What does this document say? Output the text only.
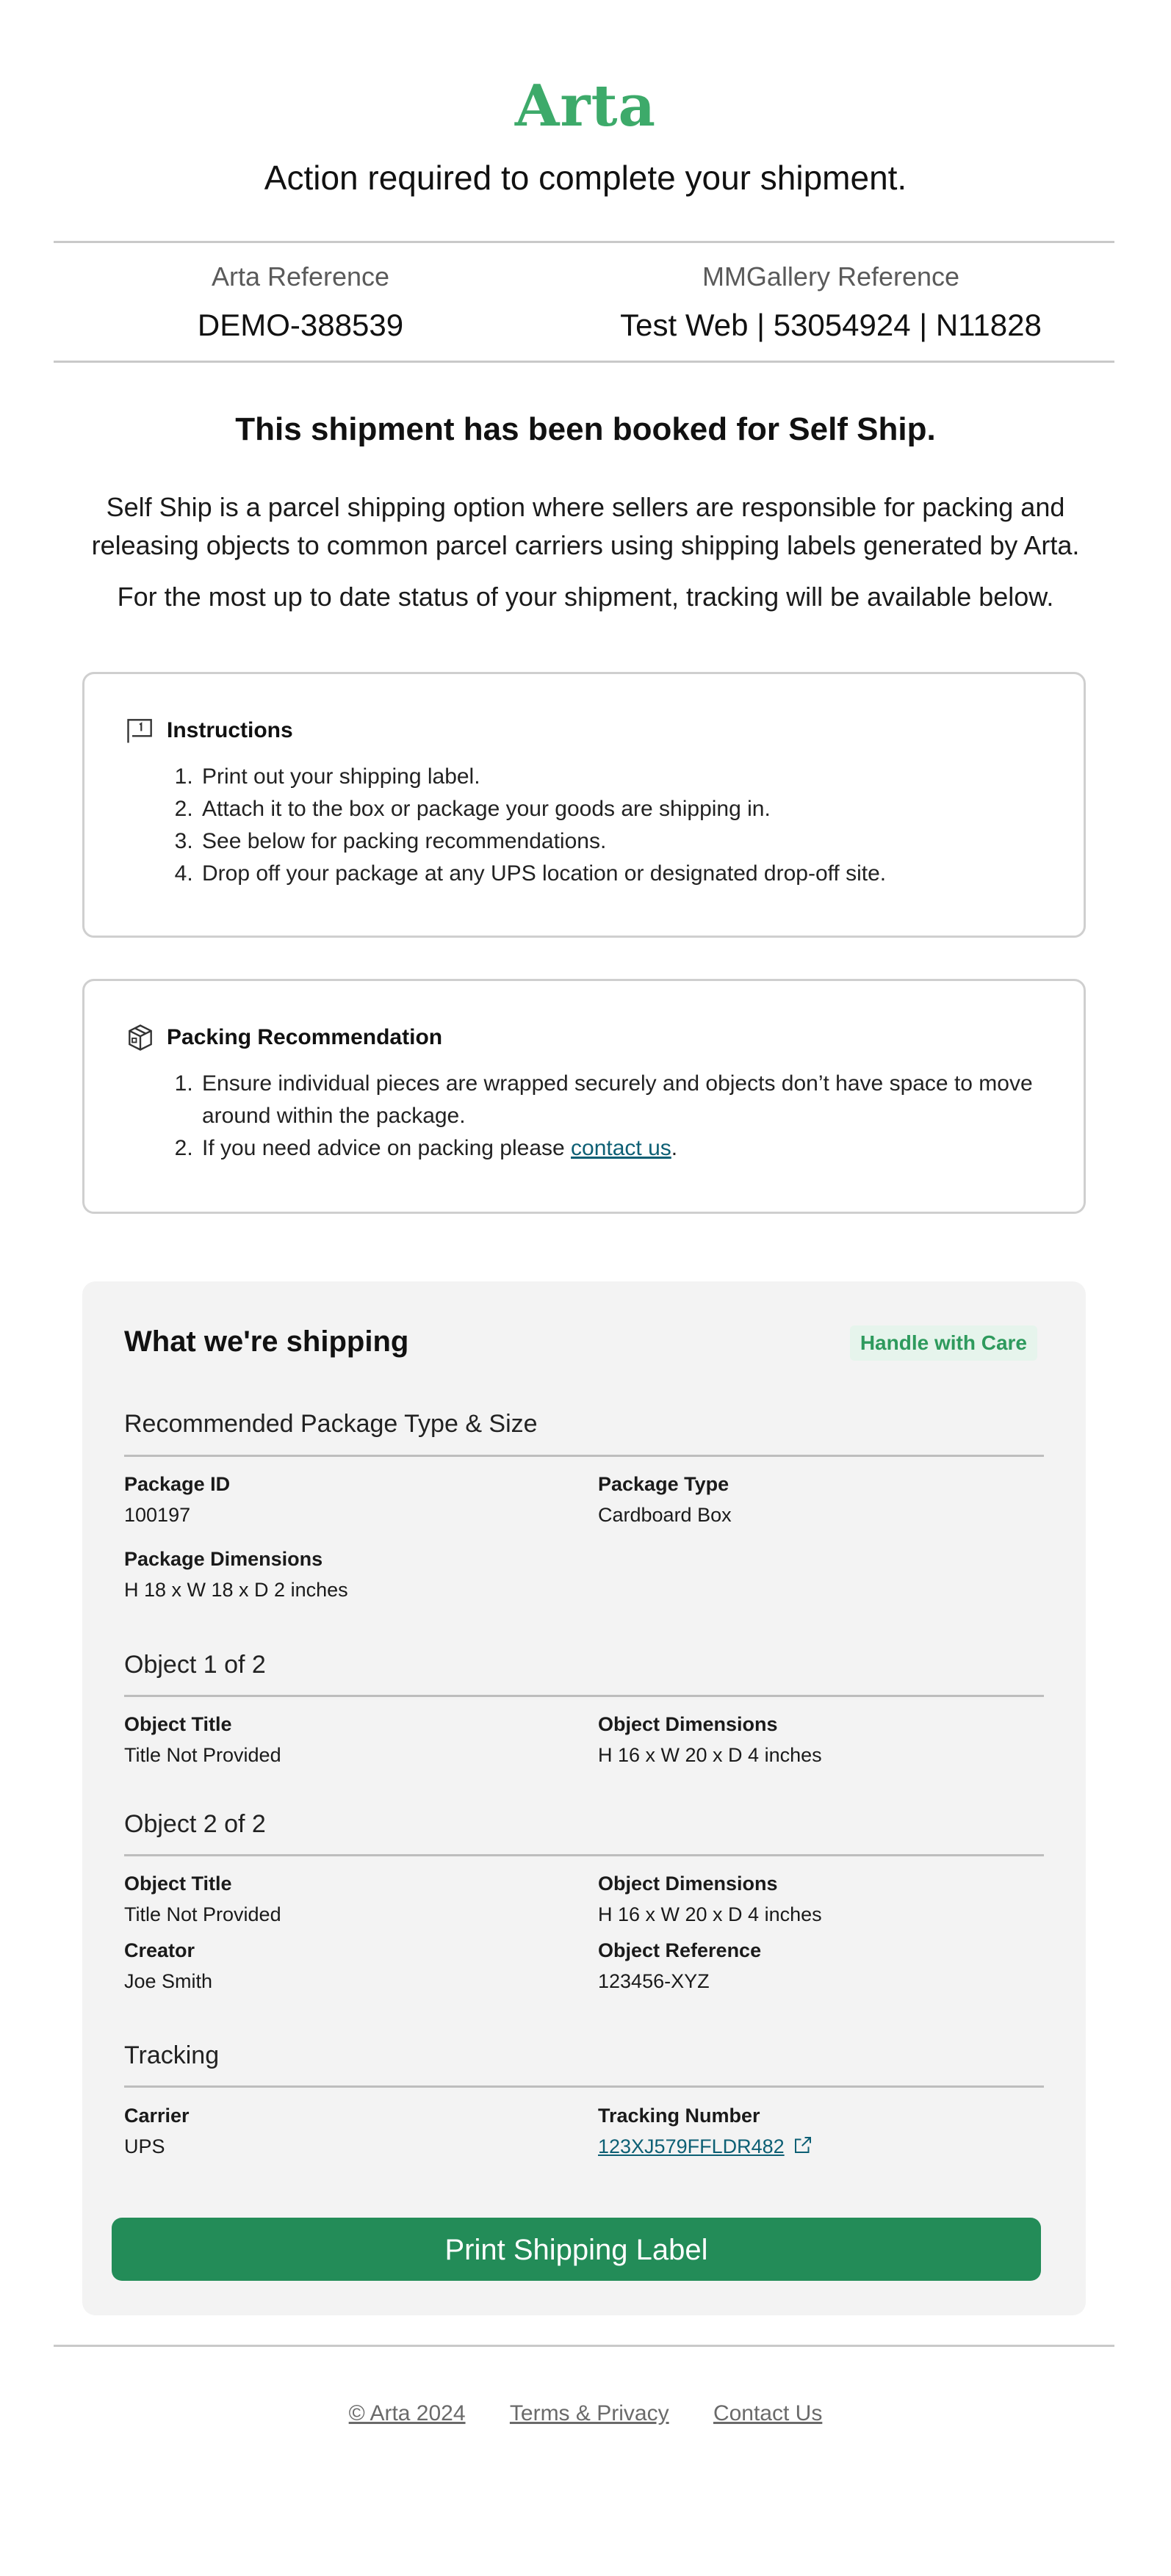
Arta
Action required to complete your shipment.
Arta Reference
DEMO-388539
MMGallery Reference
Test Web | 53054924 | N11828
This shipment has been booked for Self Ship.

Self Ship is a parcel shipping option where sellers are responsible for packing and releasing objects to common parcel carriers using shipping labels generated by Arta.

For the most up to date status of your shipment, tracking will be available below.

Instructions
1. Print out your shipping label.
2. Attach it to the box or package your goods are shipping in.
3. See below for packing recommendations.
4. Drop off your package at any UPS location or designated drop-off site.
Packing Recommendation
1. Ensure individual pieces are wrapped securely and objects don’t have space to move around within the package.
2. If you need advice on packing please contact us.
What we're shipping	Handle with Care
Recommended Package Type & Size
Package ID
100197
Package Type
Cardboard Box
Package Dimensions
H 18 x W 18 x D 2 inches
Object 1 of 2
Object Title
Title Not Provided
Object Dimensions
H 16 x W 20 x D 4 inches
Object 2 of 2
Object Title
Title Not Provided
Object Dimensions
H 16 x W 20 x D 4 inches
Creator
Joe Smith
Object Reference
123456-XYZ
Tracking
Carrier
UPS
Tracking Number
123XJ579FFLDR482
Print Shipping Label
© Arta 2024 Terms & Privacy Contact Us
